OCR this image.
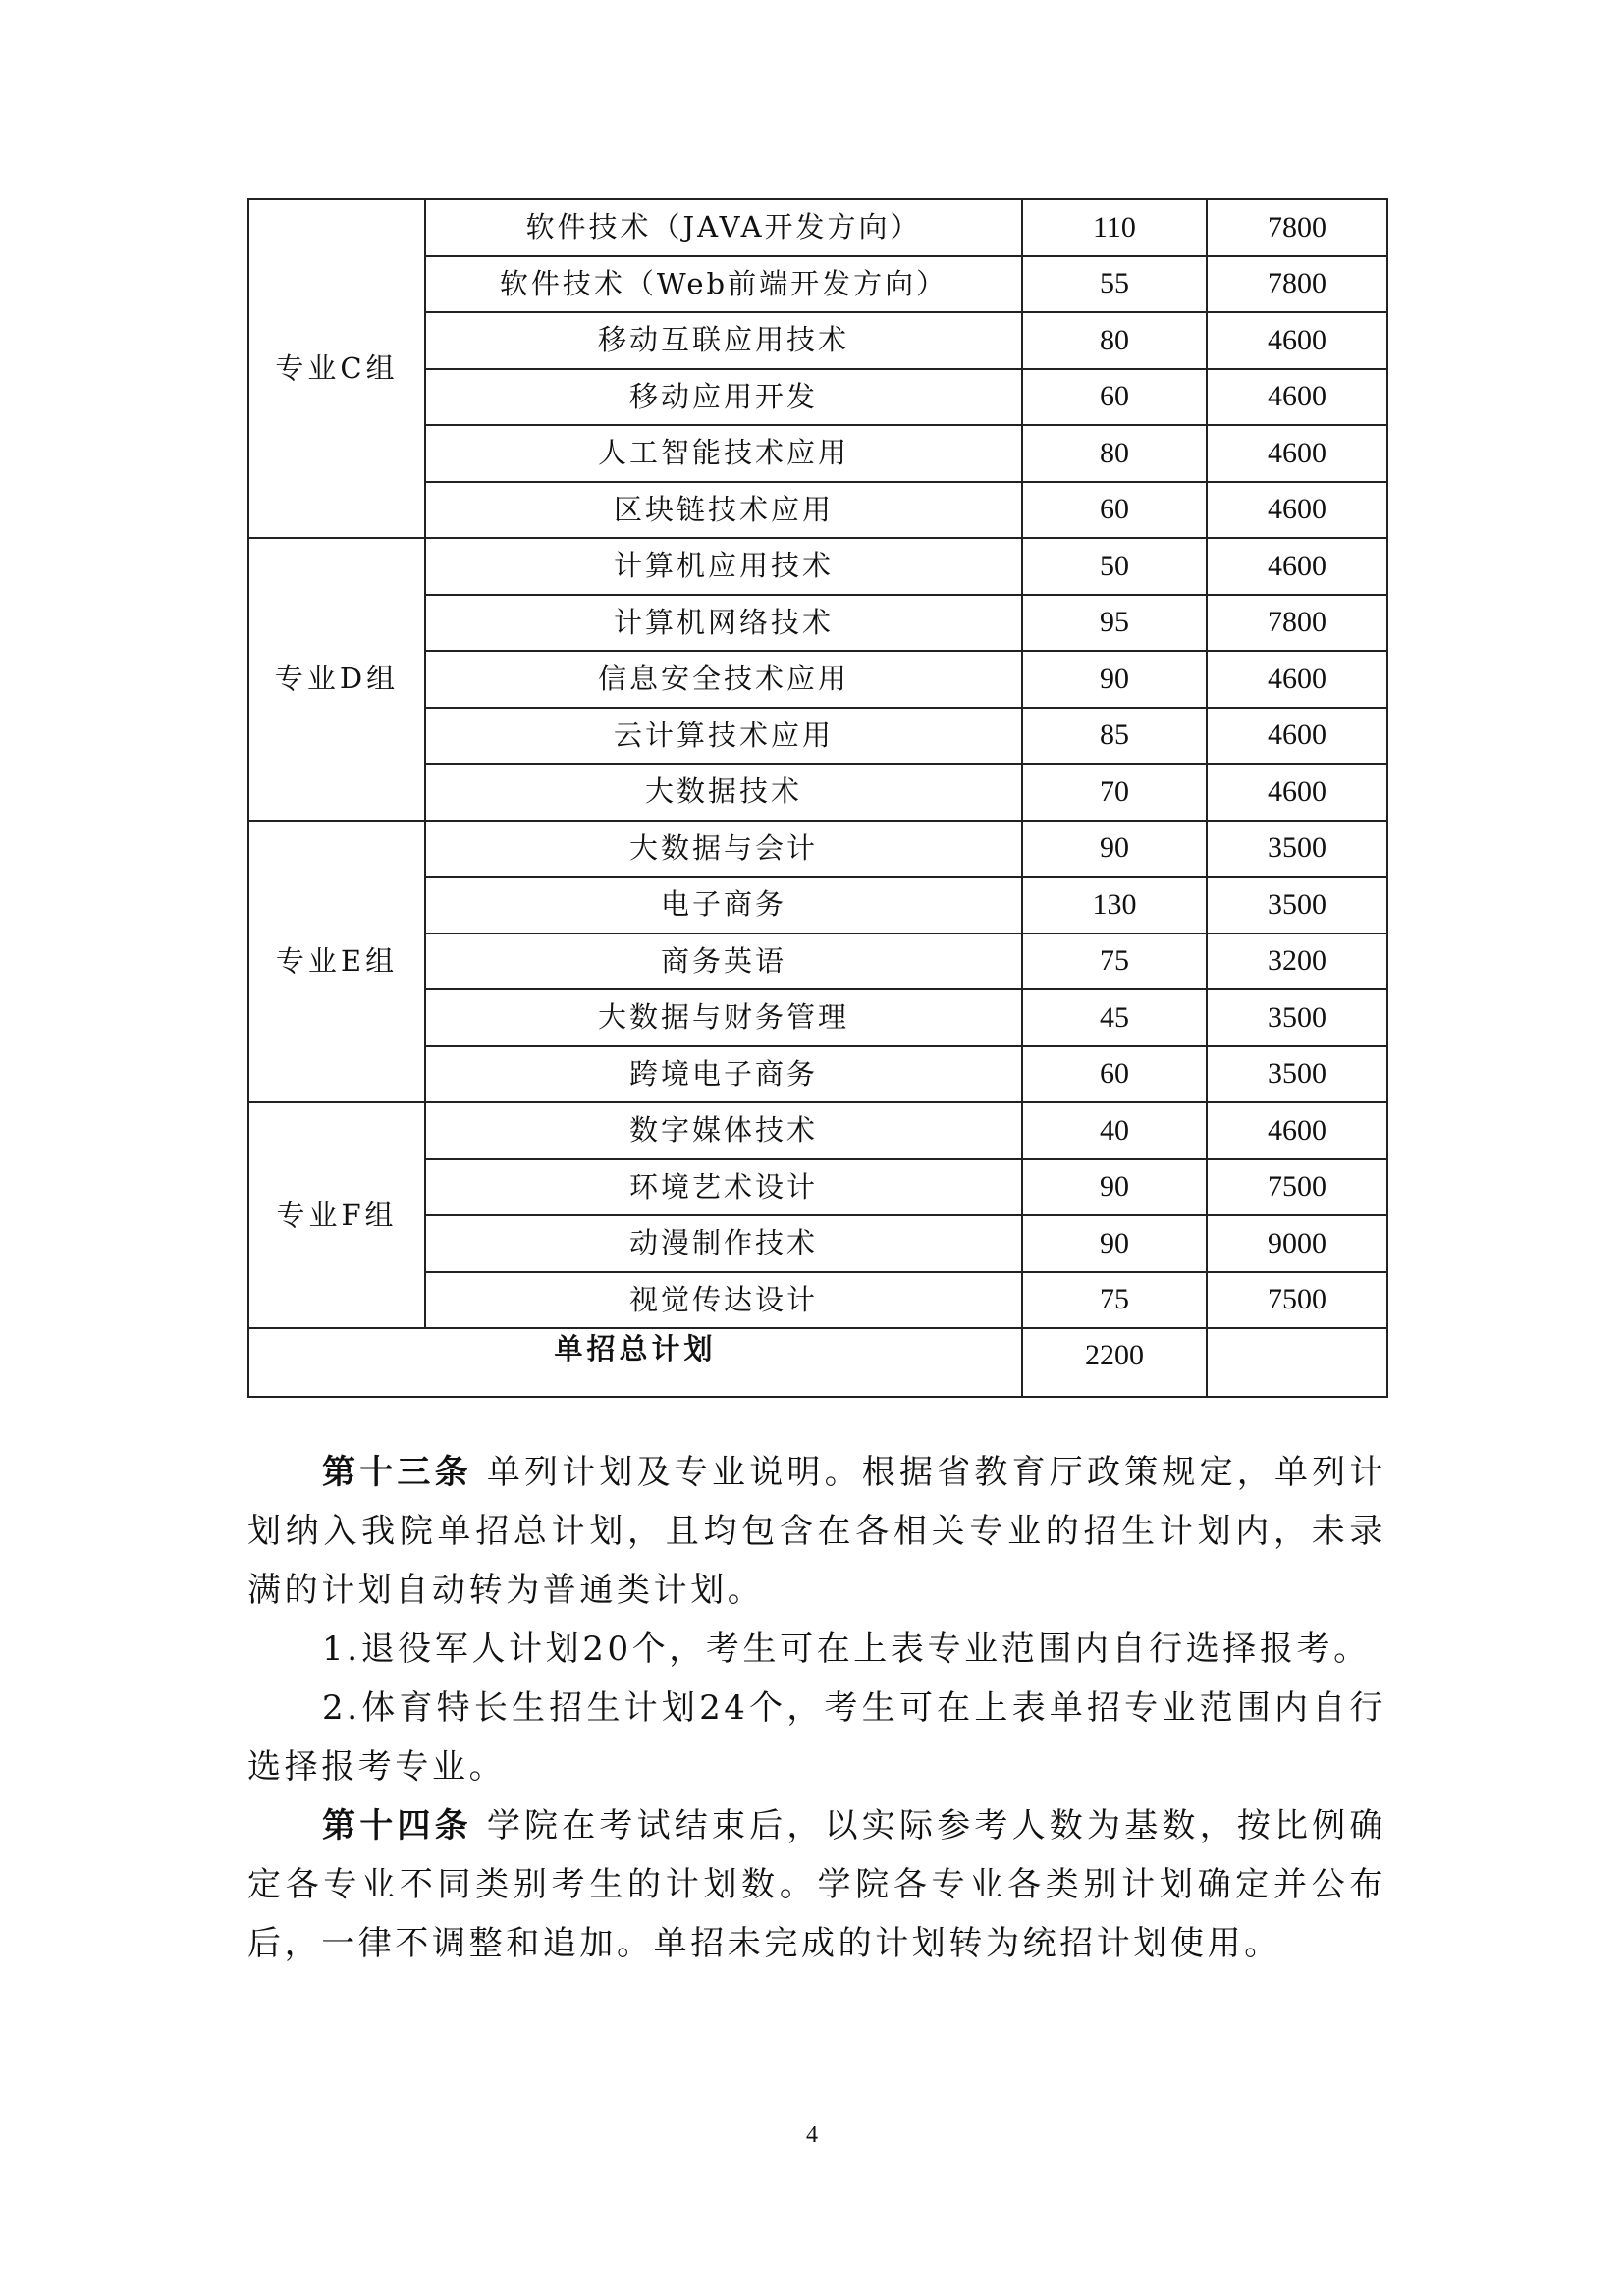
专业C组	软件技术（JAVA开发方向）	110	7800
	软件技术（Web前端开发方向）	55	7800
	移动互联应用技术	80	4600
	移动应用开发	60	4600
	人工智能技术应用	80	4600
	区块链技术应用	60	4600
专业D组	计算机应用技术	50	4600
	计算机网络技术	95	7800
	信息安全技术应用	90	4600
	云计算技术应用	85	4600
	大数据技术	70	4600
专业E组	大数据与会计	90	3500
	电子商务	130	3500
	商务英语	75	3200
	大数据与财务管理	45	3500
	跨境电子商务	60	3500
专业F组	数字媒体技术	40	4600
	环境艺术设计	90	7500
	动漫制作技术	90	9000
	视觉传达设计	75	7500
单招总计划		2200	

第十三条 单列计划及专业说明。根据省教育厅政策规定，单列计划纳入我院单招总计划，且均包含在各相关专业的招生计划内，未录满的计划自动转为普通类计划。

1.退役军人计划20个，考生可在上表专业范围内自行选择报考。

2.体育特长生招生计划24个，考生可在上表单招专业范围内自行选择报考专业。

第十四条 学院在考试结束后，以实际参考人数为基数，按比例确定各专业不同类别考生的计划数。学院各专业各类别计划确定并公布后，一律不调整和追加。单招未完成的计划转为统招计划使用。

4
